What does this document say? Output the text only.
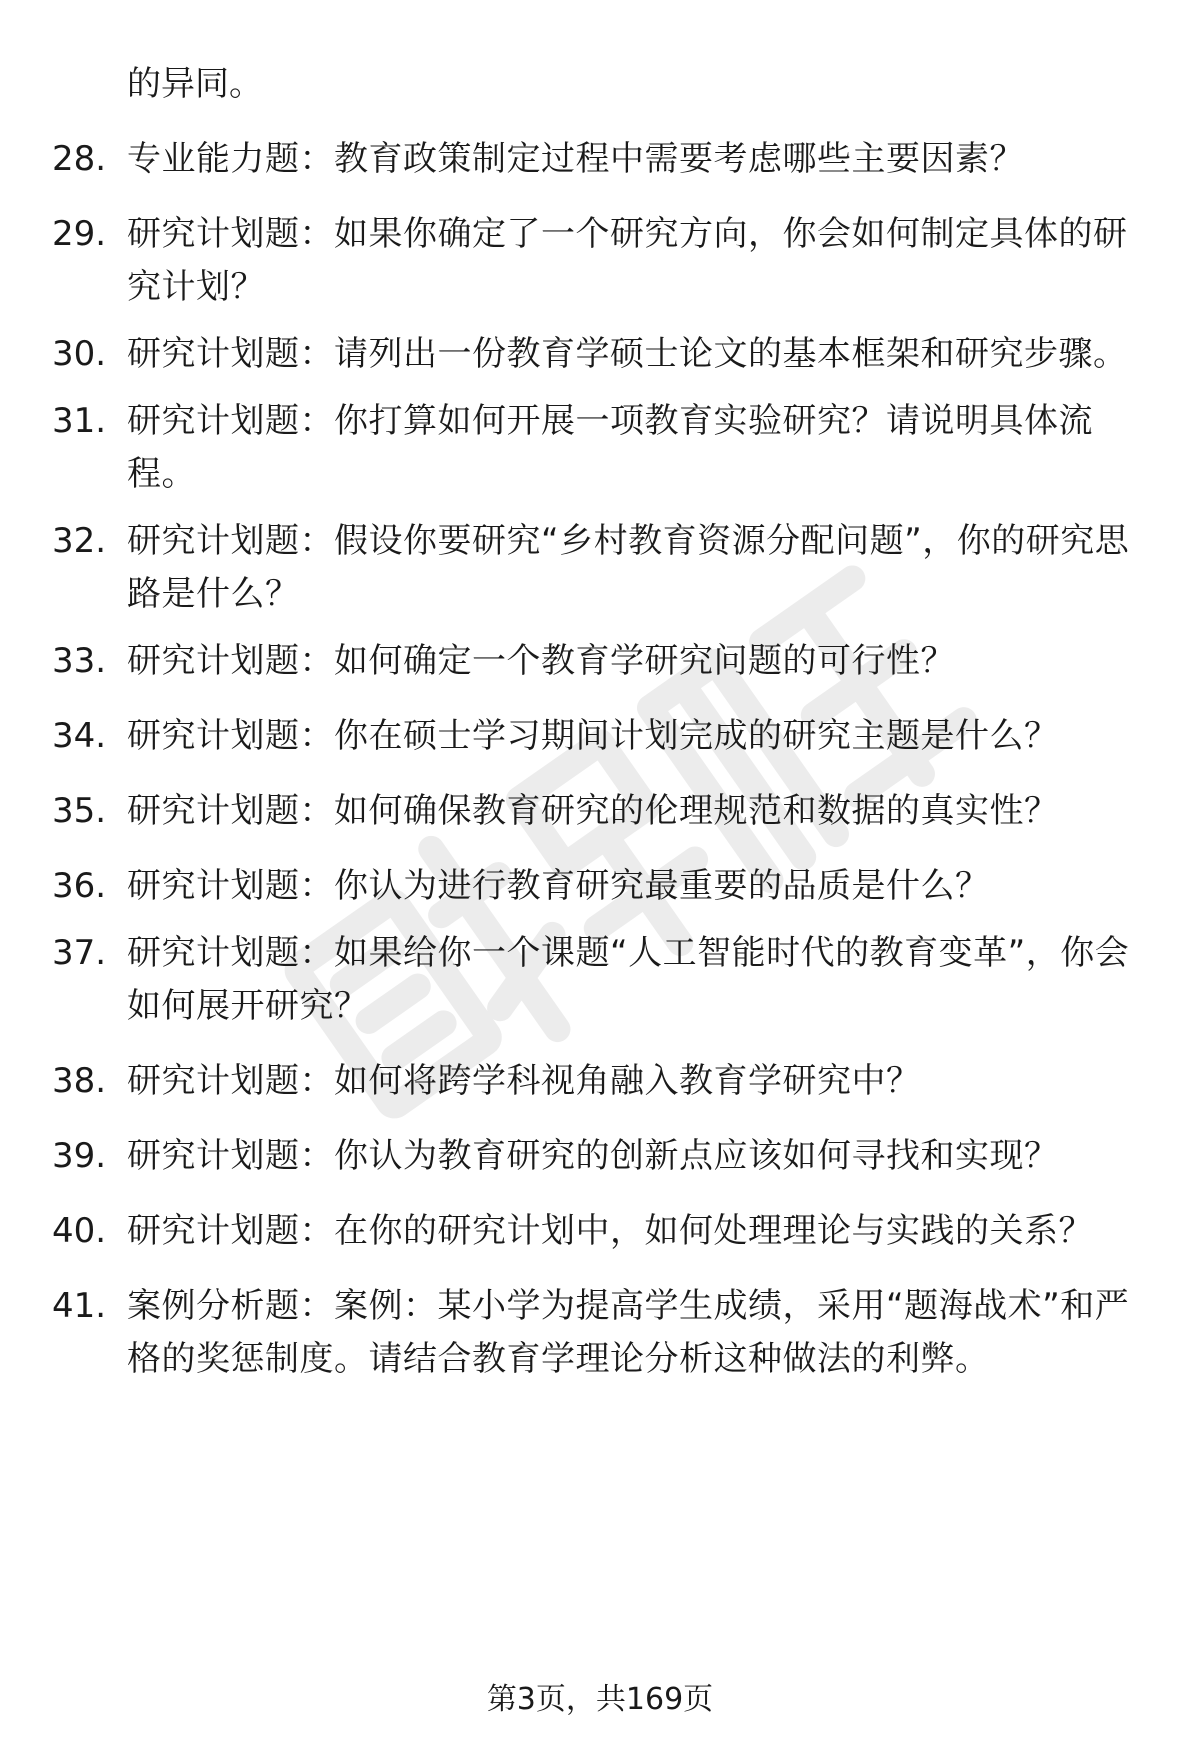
的异同。
28. 专业能力题：教育政策制定过程中需要考虑哪些主要因素？
29. 研究计划题：如果你确定了一个研究方向，你会如何制定具体的研究计划？
30. 研究计划题：请列出一份教育学硕士论文的基本框架和研究步骤。
31. 研究计划题：你打算如何开展一项教育实验研究？请说明具体流程。
32. 研究计划题：假设你要研究“乡村教育资源分配问题”，你的研究思路是什么？
33. 研究计划题：如何确定一个教育学研究问题的可行性？
34. 研究计划题：你在硕士学习期间计划完成的研究主题是什么？
35. 研究计划题：如何确保教育研究的伦理规范和数据的真实性？
36. 研究计划题：你认为进行教育研究最重要的品质是什么？
37. 研究计划题：如果给你一个课题“人工智能时代的教育变革”，你会如何展开研究？
38. 研究计划题：如何将跨学科视角融入教育学研究中？
39. 研究计划题：你认为教育研究的创新点应该如何寻找和实现？
40. 研究计划题：在你的研究计划中，如何处理理论与实践的关系？
41. 案例分析题：案例：某小学为提高学生成绩，采用“题海战术”和严格的奖惩制度。请结合教育学理论分析这种做法的利弊。
第3页，共169页
